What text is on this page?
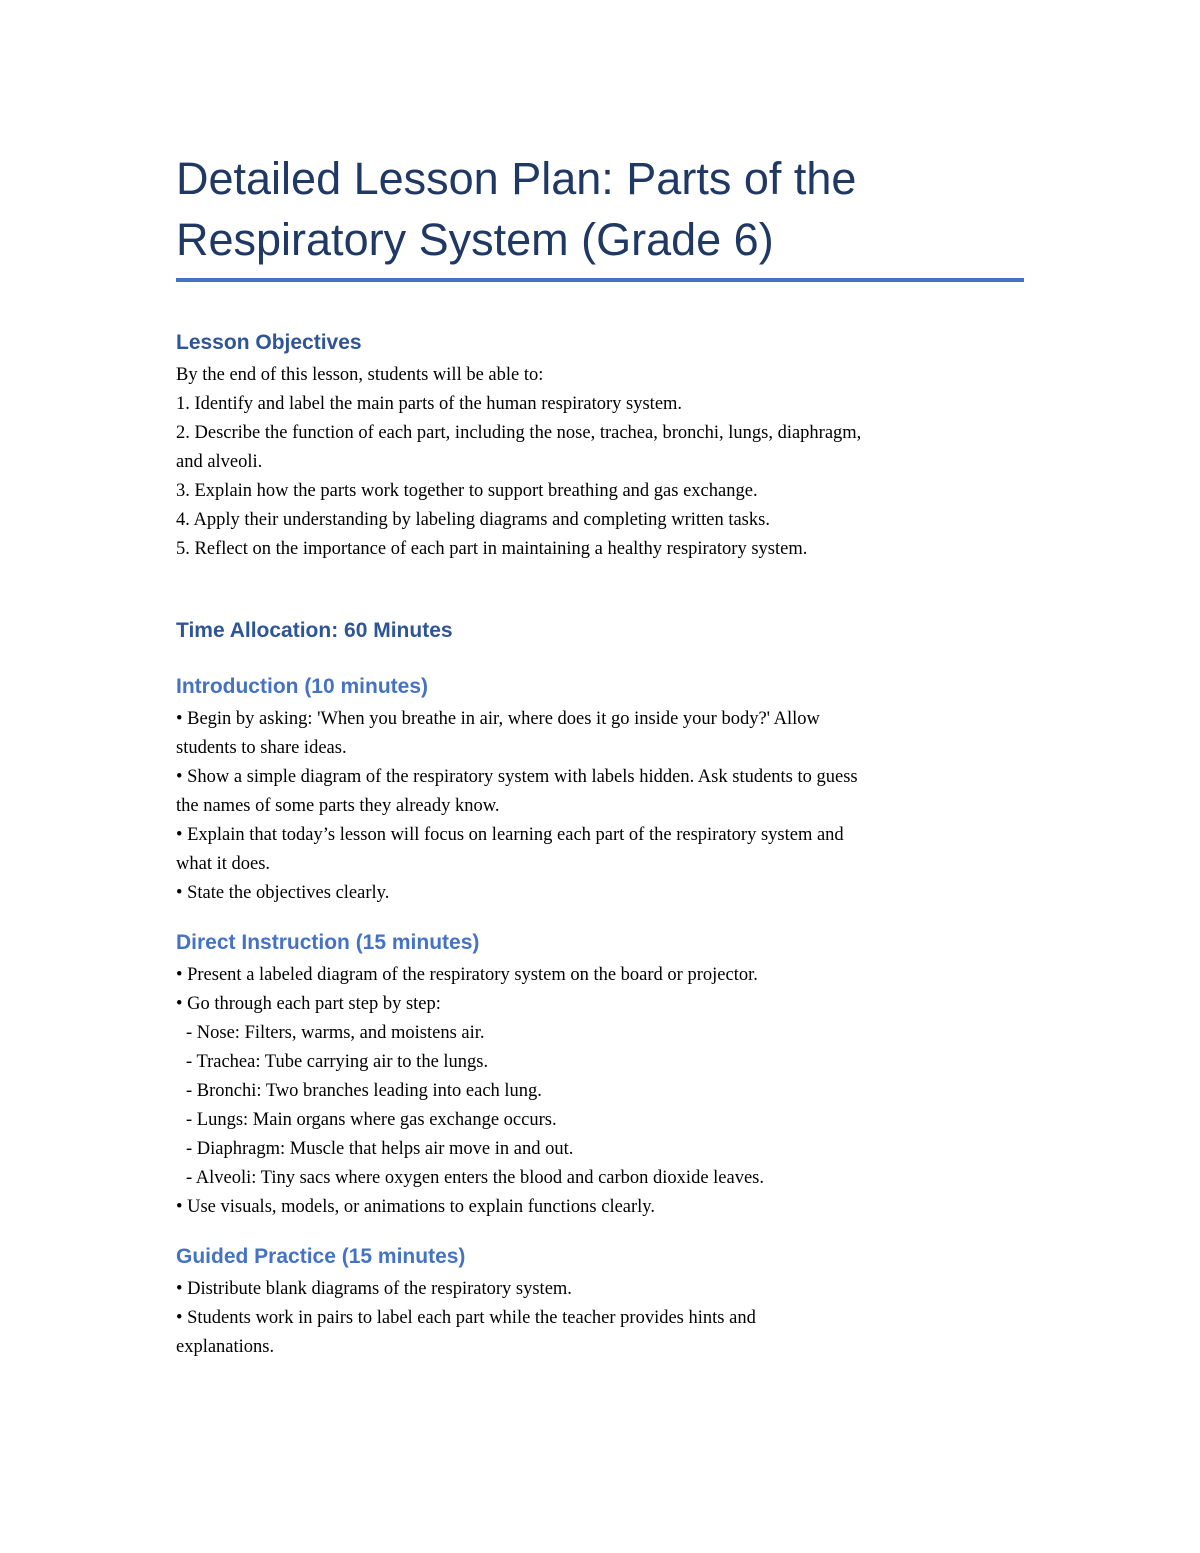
Detailed Lesson Plan: Parts of the
Respiratory System (Grade 6)
Lesson Objectives
By the end of this lesson, students will be able to:
1. Identify and label the main parts of the human respiratory system.
2. Describe the function of each part, including the nose, trachea, bronchi, lungs, diaphragm,
and alveoli.
3. Explain how the parts work together to support breathing and gas exchange.
4. Apply their understanding by labeling diagrams and completing written tasks.
5. Reflect on the importance of each part in maintaining a healthy respiratory system.
Time Allocation: 60 Minutes
Introduction (10 minutes)
• Begin by asking: 'When you breathe in air, where does it go inside your body?' Allow
students to share ideas.
• Show a simple diagram of the respiratory system with labels hidden. Ask students to guess
the names of some parts they already know.
• Explain that today’s lesson will focus on learning each part of the respiratory system and
what it does.
• State the objectives clearly.
Direct Instruction (15 minutes)
• Present a labeled diagram of the respiratory system on the board or projector.
• Go through each part step by step:
- Nose: Filters, warms, and moistens air.
- Trachea: Tube carrying air to the lungs.
- Bronchi: Two branches leading into each lung.
- Lungs: Main organs where gas exchange occurs.
- Diaphragm: Muscle that helps air move in and out.
- Alveoli: Tiny sacs where oxygen enters the blood and carbon dioxide leaves.
• Use visuals, models, or animations to explain functions clearly.
Guided Practice (15 minutes)
• Distribute blank diagrams of the respiratory system.
• Students work in pairs to label each part while the teacher provides hints and
explanations.
